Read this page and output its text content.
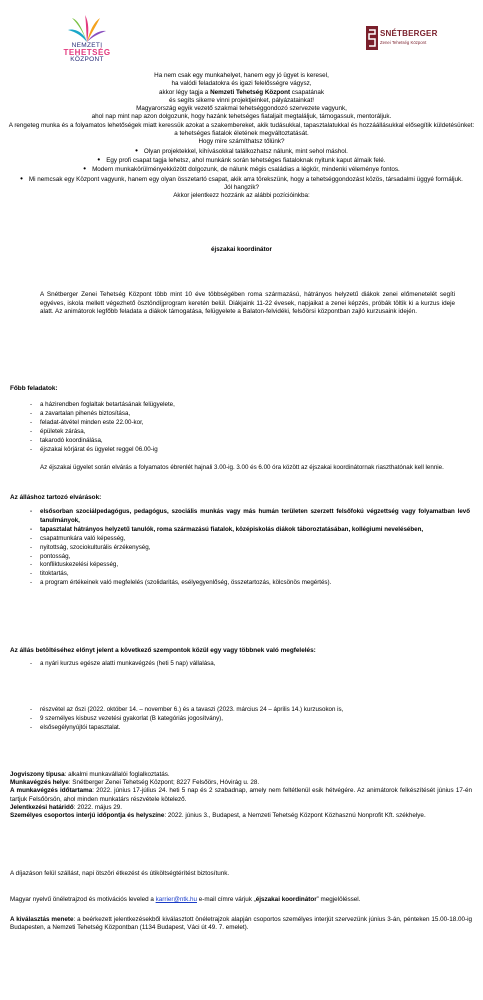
NEMZETI
TEHETSÉG
KÖZPONT
SNÉTBERGER
Zenei Tehetség Központ

Ha nem csak egy munkahelyet, hanem egy jó ügyet is keresel,

ha valódi feladatokra és igazi felelősségre vágysz,

akkor légy tagja a Nemzeti Tehetség Központ csapatának

és segíts sikerre vinni projektjeinket, pályázatainkat!

Magyarország egyik vezető szakmai tehetséggondozó szervezete vagyunk,

ahol nap mint nap azon dolgozunk, hogy hazánk tehetséges fiataljait megtaláljuk, támogassuk, mentoráljuk.

A rengeteg munka és a folyamatos lehetőségek miatt keressük azokat a szakembereket, akik tudásukkal, tapasztalatukkal és hozzáállásukkal elősegítik küldetésünket: a tehetséges fiatalok életének megváltoztatását.

Hogy mire számíthatsz tőlünk?

• Olyan projektekkel, kihívásokkal találkozhatsz nálunk, mint sehol máshol.
• Egy profi csapat tagja lehetsz, ahol munkánk során tehetséges fiataloknak nyitunk kaput álmaik felé.
• Modern munkakörülményekközött dolgozunk, de nálunk mégis családias a légkör, mindenki véleménye fontos.
• Mi nemcsak egy Központ vagyunk, hanem egy olyan összetartó csapat, akik arra törekszünk, hogy a tehetséggondozást közös, társadalmi üggyé formáljuk.

Jól hangzik?

Akkor jelentkezz hozzánk az alábbi pozícióinkba:

éjszakai koordinátor

A Snétberger Zenei Tehetség Központ több mint 10 éve többségében roma származású, hátrányos helyzetű diákok zenei előmenetelét segíti egyéves, iskola mellett végezhető ösztöndíjprogram keretén belül. Diákjaink 11-22 évesek, napjaikat a zenei képzés, próbák töltik ki a kurzus ideje alatt. Az animátorok legfőbb feladata a diákok támogatása, felügyelete a Balaton-felvidéki, felsőörsi központban zajló kurzusaink idején.

Főbb feladatok:

- a házirendben foglaltak betartásának felügyelete,
- a zavartalan pihenés biztosítása,
- feladat-átvétel minden este 22.00-kor,
- épületek zárása,
- takarodó koordinálása,
- éjszakai körjárat és ügyelet reggel 06.00-ig

Az éjszakai ügyelet során elvárás a folyamatos ébrenlét hajnali 3.00-ig. 3.00 és 6.00 óra között az éjszakai koordinátornak riaszthatónak kell lennie.

Az álláshoz tartozó elvárások:

- elsősorban szociálpedagógus, pedagógus, szociális munkás vagy más humán területen szerzett felsőfokú végzettség vagy folyamatban levő tanulmányok,
- tapasztalat hátrányos helyzetű tanulók, roma származású fiatalok, középiskolás diákok táboroztatásában, kollégiumi nevelésében,
- csapatmunkára való képesség,
- nyitottság, szociokulturális érzékenység,
- pontosság,
- konfliktuskezelési képesség,
- titoktartás,
- a program értékeinek való megfelelés (szolidaritás, esélyegyenlőség, összetartozás, kölcsönös megértés).

Az állás betöltéséhez előnyt jelent a következő szempontok közül egy vagy többnek való megfelelés:

- a nyári kurzus egésze alatti munkavégzés (heti 5 nap) vállalása,
- részvétel az őszi (2022. október 14. – november 6.) és a tavaszi (2023. március 24 – április 14.) kurzusokon is,
- 9 személyes kisbusz vezetési gyakorlat (B kategóriás jogosítvány),
- elsősegélynyújtói tapasztalat.

Jogviszony típusa: alkalmi munkavállalói foglalkoztatás.

Munkavégzés helye: Snétberger Zenei Tehetség Központ; 8227 Felsőörs, Hóvirág u. 28.

A munkavégzés időtartama: 2022. június 17-július 24. heti 5 nap és 2 szabadnap, amely nem feltétlenül esik hétvégére. Az animátorok felkészítését június 17-én tartjuk Felsőörsön, ahol minden munkatárs részvétele kötelező.

Jelentkezési határidő: 2022. május 29.

Személyes csoportos interjú időpontja és helyszíne: 2022. június 3., Budapest, a Nemzeti Tehetség Központ Közhasznú Nonprofit Kft. székhelye.

A díjazáson felül szállást, napi ötszöri étkezést és útiköltségtérítést biztosítunk.

Magyar nyelvű önéletrajzod és motivációs leveled a karrier@ntk.hu e-mail címre várjuk „éjszakai koordinátor” megjelöléssel.

A kiválasztás menete: a beérkezett jelentkezésekből kiválasztott önéletrajzok alapján csoportos személyes interjút szervezünk június 3-án, pénteken 15.00-18.00-ig Budapesten, a Nemzeti Tehetség Központban (1134 Budapest, Váci út 49. 7. emelet).
